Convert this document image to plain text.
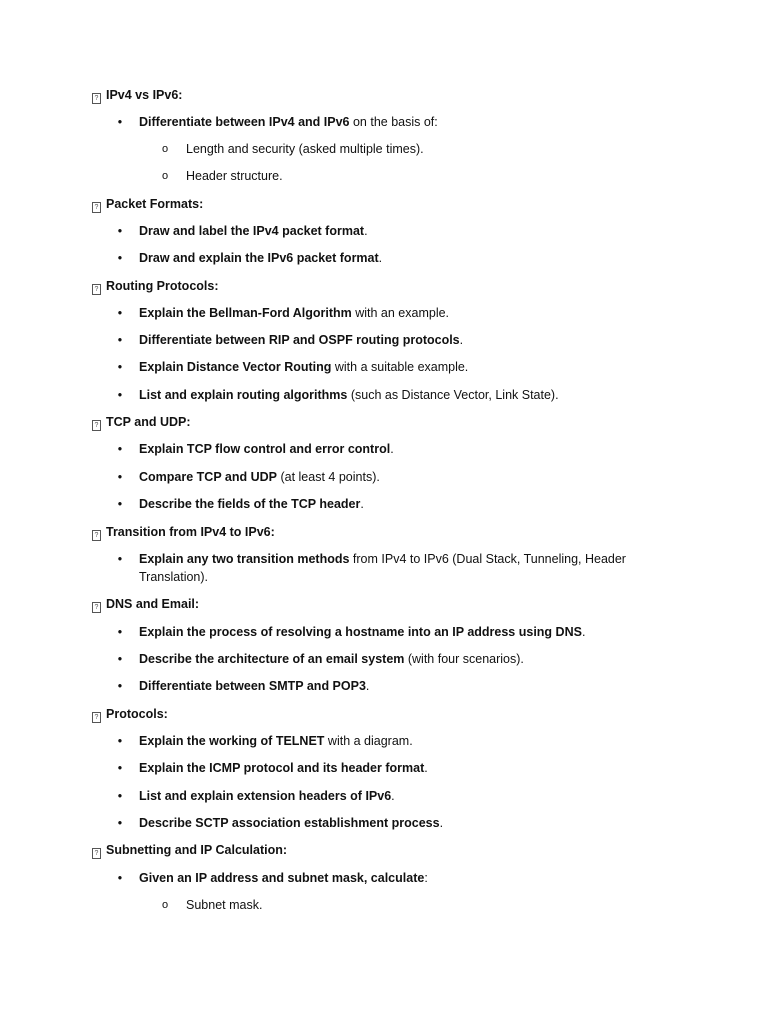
? IPv4 vs IPv6:
• Differentiate between IPv4 and IPv6 on the basis of:
o Length and security (asked multiple times).
o Header structure.
? Packet Formats:
• Draw and label the IPv4 packet format.
• Draw and explain the IPv6 packet format.
? Routing Protocols:
• Explain the Bellman-Ford Algorithm with an example.
• Differentiate between RIP and OSPF routing protocols.
• Explain Distance Vector Routing with a suitable example.
• List and explain routing algorithms (such as Distance Vector, Link State).
? TCP and UDP:
• Explain TCP flow control and error control.
• Compare TCP and UDP (at least 4 points).
• Describe the fields of the TCP header.
? Transition from IPv4 to IPv6:
• Explain any two transition methods from IPv4 to IPv6 (Dual Stack, Tunneling, Header
Translation).
? DNS and Email:
• Explain the process of resolving a hostname into an IP address using DNS.
• Describe the architecture of an email system (with four scenarios).
• Differentiate between SMTP and POP3.
? Protocols:
• Explain the working of TELNET with a diagram.
• Explain the ICMP protocol and its header format.
• List and explain extension headers of IPv6.
• Describe SCTP association establishment process.
? Subnetting and IP Calculation:
• Given an IP address and subnet mask, calculate:
o Subnet mask.
